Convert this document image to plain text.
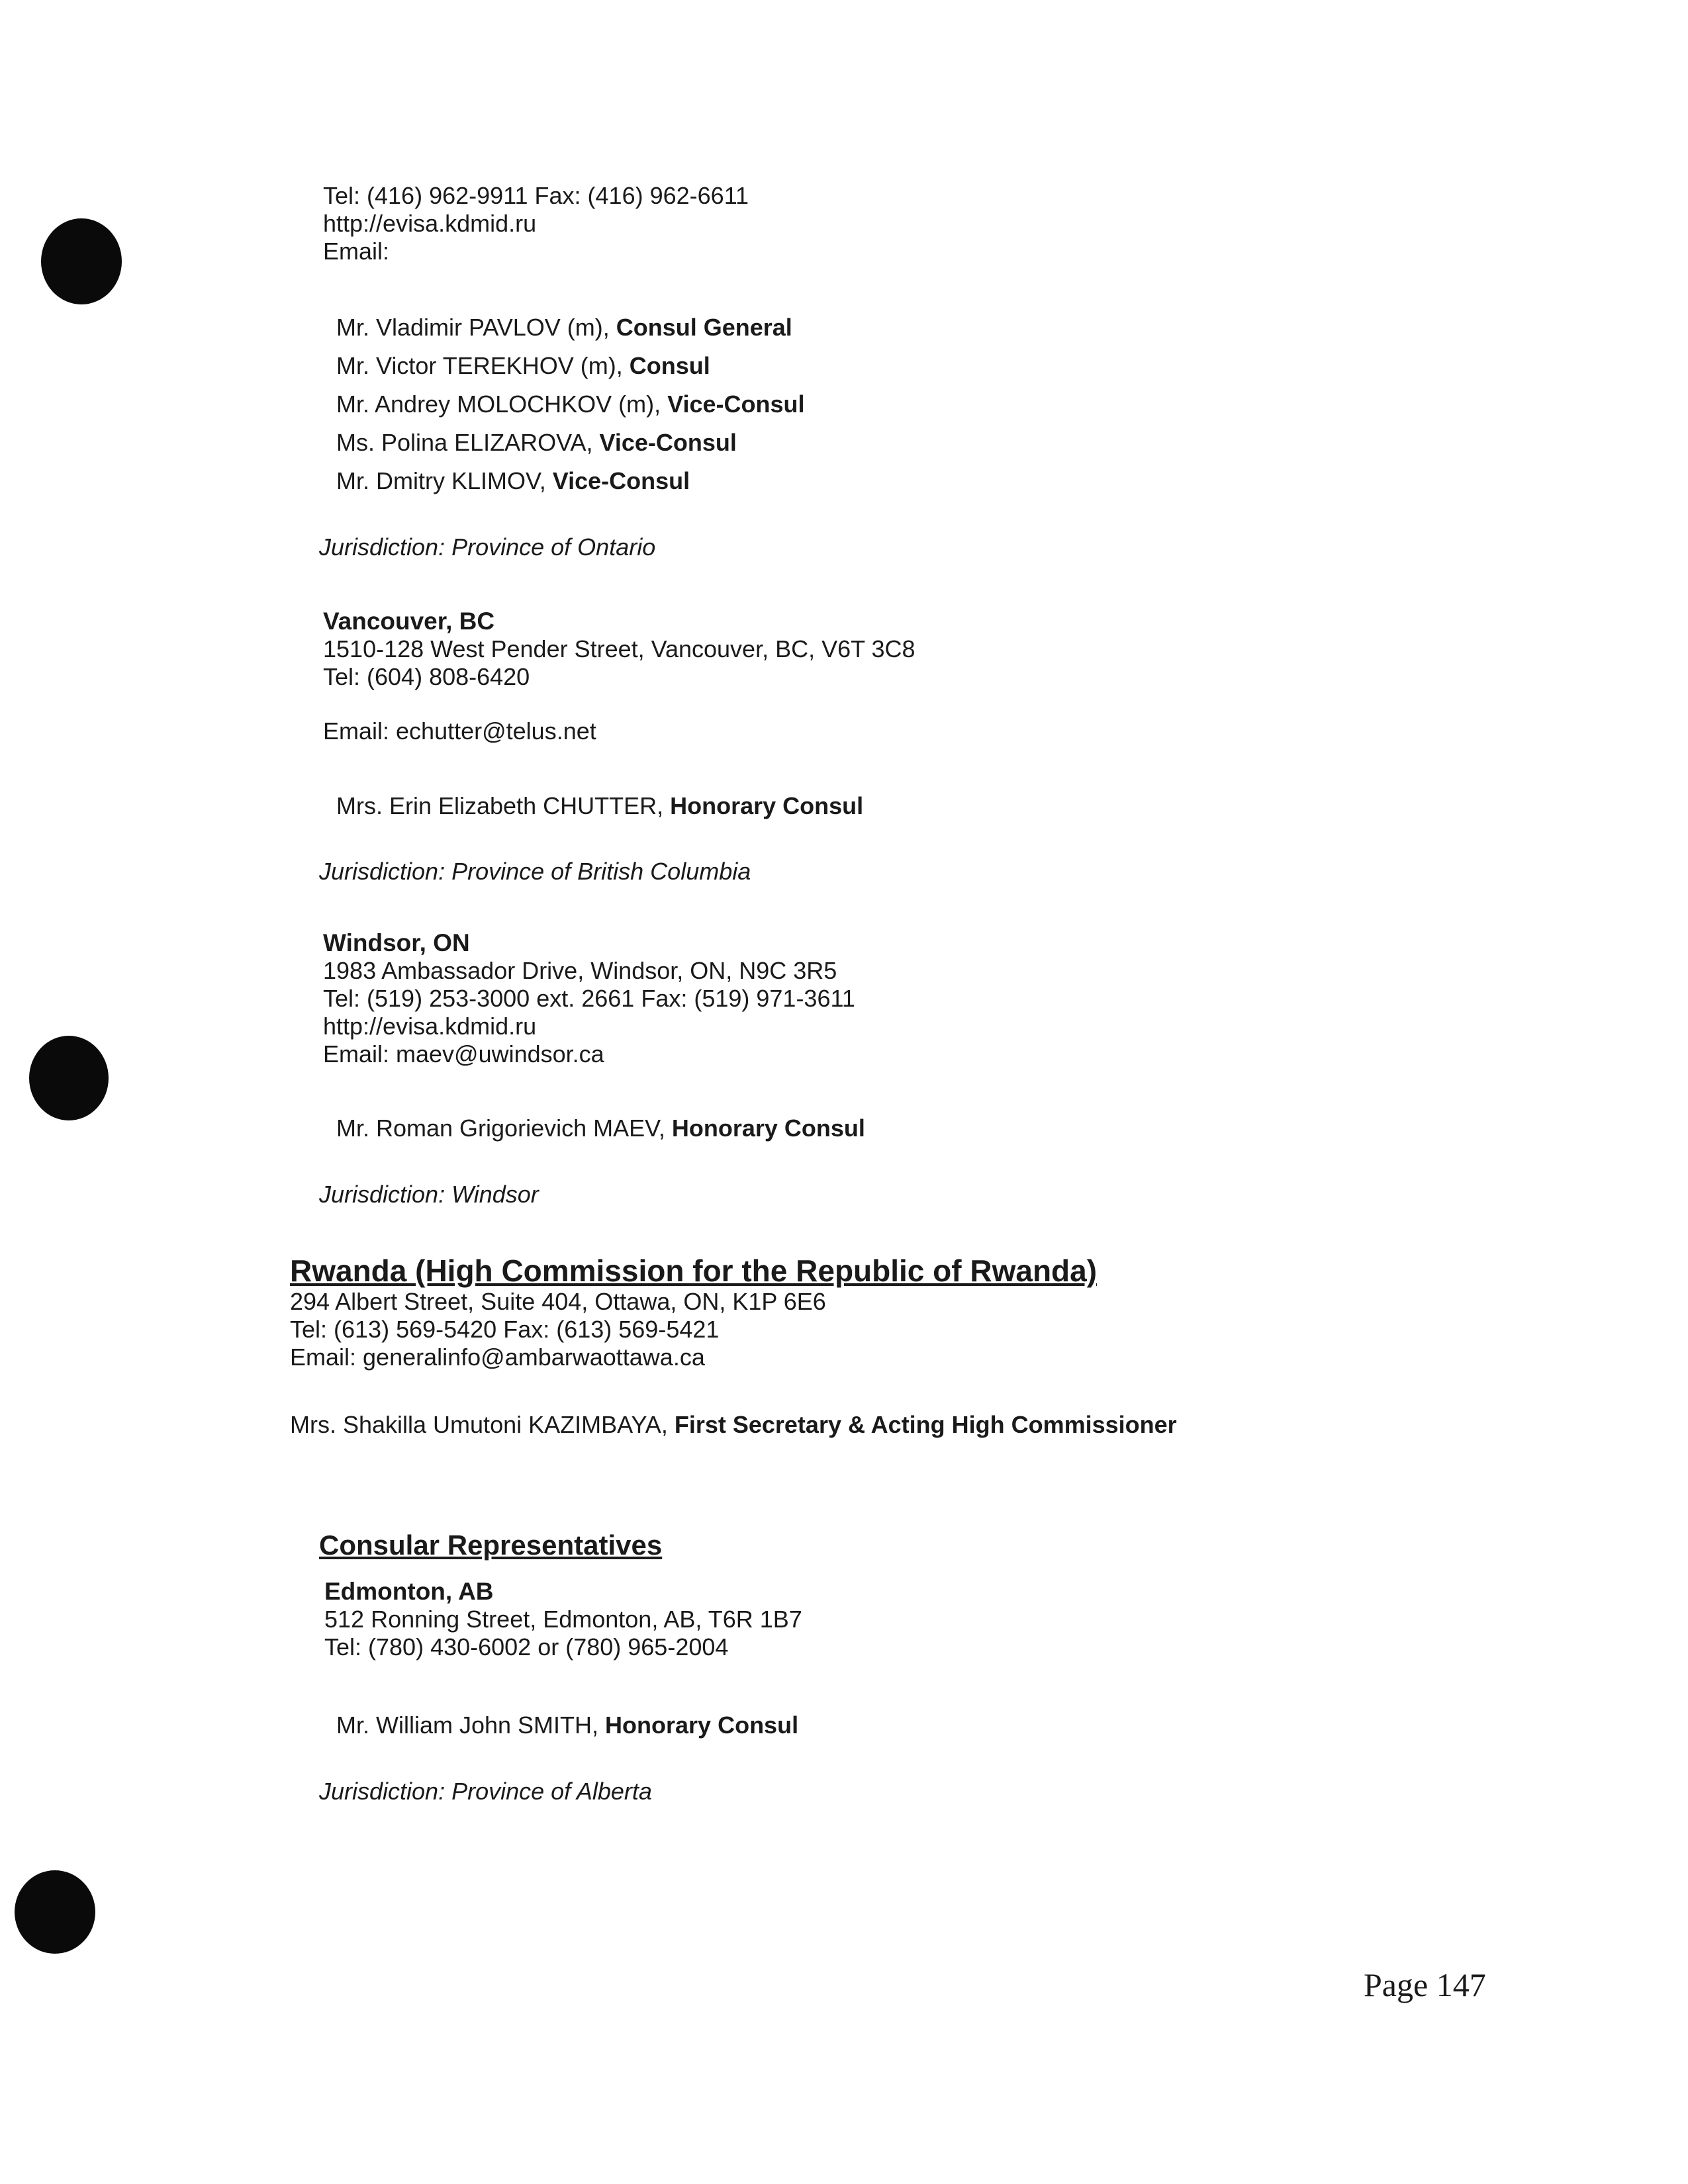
Tel: (416) 962-9911 Fax: (416) 962-6611
http://evisa.kdmid.ru
Email:
Mr. Vladimir PAVLOV (m), Consul General
Mr. Victor TEREKHOV (m), Consul
Mr. Andrey MOLOCHKOV (m), Vice-Consul
Ms. Polina ELIZAROVA, Vice-Consul
Mr. Dmitry KLIMOV, Vice-Consul
Jurisdiction: Province of Ontario
Vancouver, BC
1510-128 West Pender Street, Vancouver, BC, V6T 3C8
Tel: (604) 808-6420
Email: echutter@telus.net
Mrs. Erin Elizabeth CHUTTER, Honorary Consul
Jurisdiction: Province of British Columbia
Windsor, ON
1983 Ambassador Drive, Windsor, ON, N9C 3R5
Tel: (519) 253-3000 ext. 2661 Fax: (519) 971-3611
http://evisa.kdmid.ru
Email: maev@uwindsor.ca
Mr. Roman Grigorievich MAEV, Honorary Consul
Jurisdiction: Windsor
Rwanda (High Commission for the Republic of Rwanda)
294 Albert Street, Suite 404, Ottawa, ON, K1P 6E6
Tel: (613) 569-5420 Fax: (613) 569-5421
Email: generalinfo@ambarwaottawa.ca
Mrs. Shakilla Umutoni KAZIMBAYA, First Secretary & Acting High Commissioner
Consular Representatives
Edmonton, AB
512 Ronning Street, Edmonton, AB, T6R 1B7
Tel: (780) 430-6002 or (780) 965-2004
Mr. William John SMITH, Honorary Consul
Jurisdiction: Province of Alberta
Page 147
